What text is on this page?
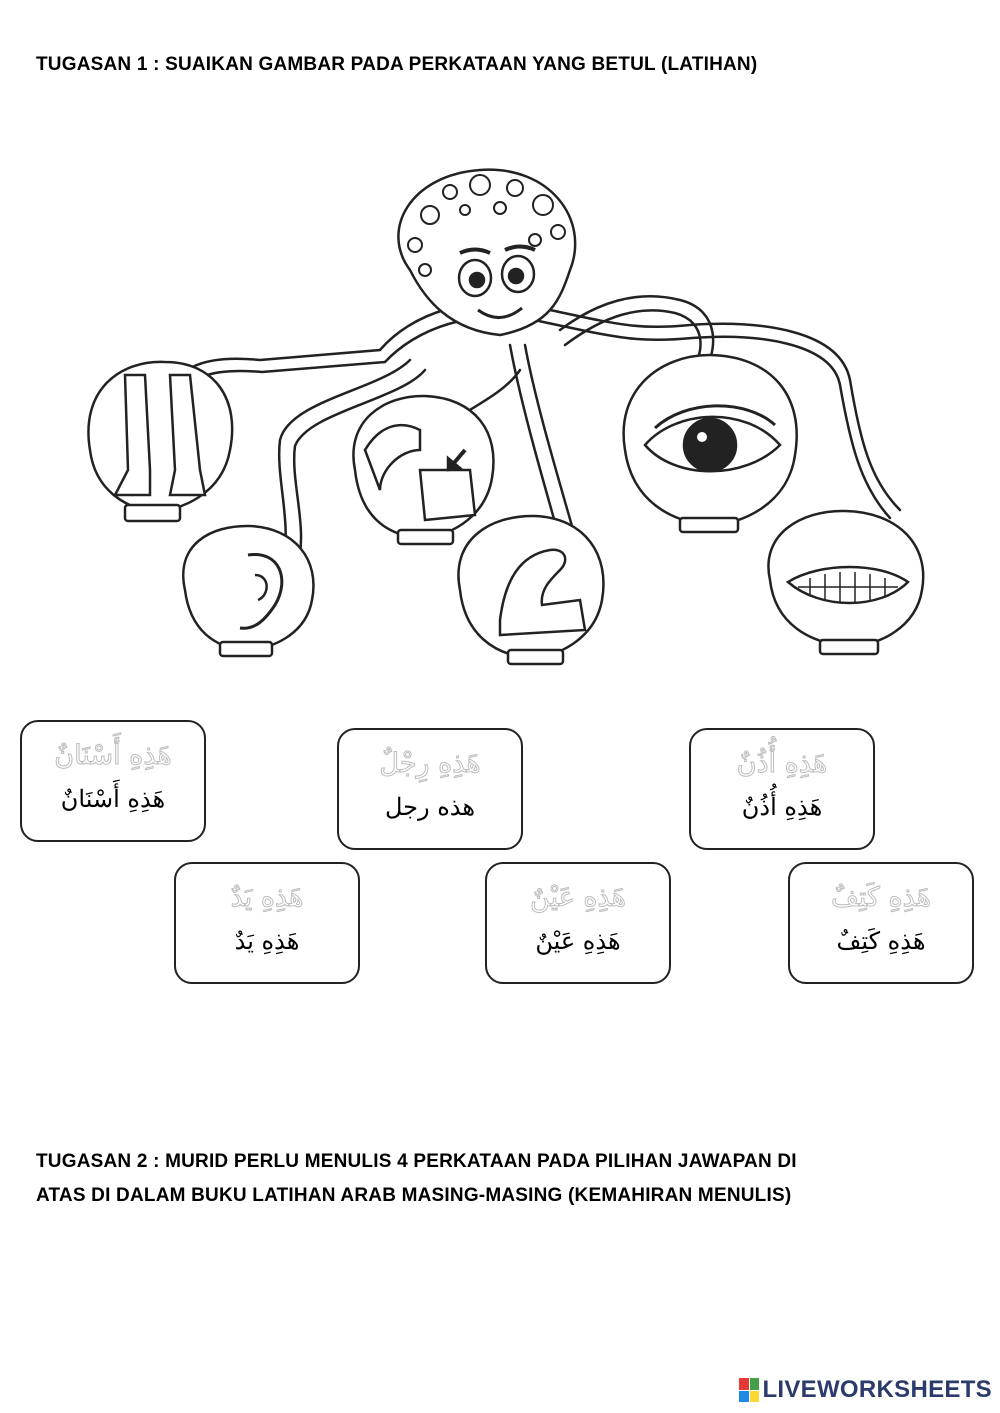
TUGASAN 1 : SUAIKAN GAMBAR PADA PERKATAAN YANG BETUL (LATIHAN)
هَذِهِ أَسْنَانٌ
هَذِهِ أَسْنَانٌ
هَذِهِ رِجْلٌ
هذه رجل
هَذِهِ أُذُنٌ
هَذِهِ أُذُنٌ
هَذِهِ يَدٌ
هَذِهِ يَدٌ
هَذِهِ عَيْنٌ
هَذِهِ عَيْنٌ
هَذِهِ كَتِفٌ
هَذِهِ كَتِفٌ
TUGASAN 2 : MURID PERLU MENULIS 4 PERKATAAN PADA PILIHAN JAWAPAN DI
ATAS DI DALAM BUKU LATIHAN ARAB MASING-MASING (KEMAHIRAN MENULIS)
LIVEWORKSHEETS
